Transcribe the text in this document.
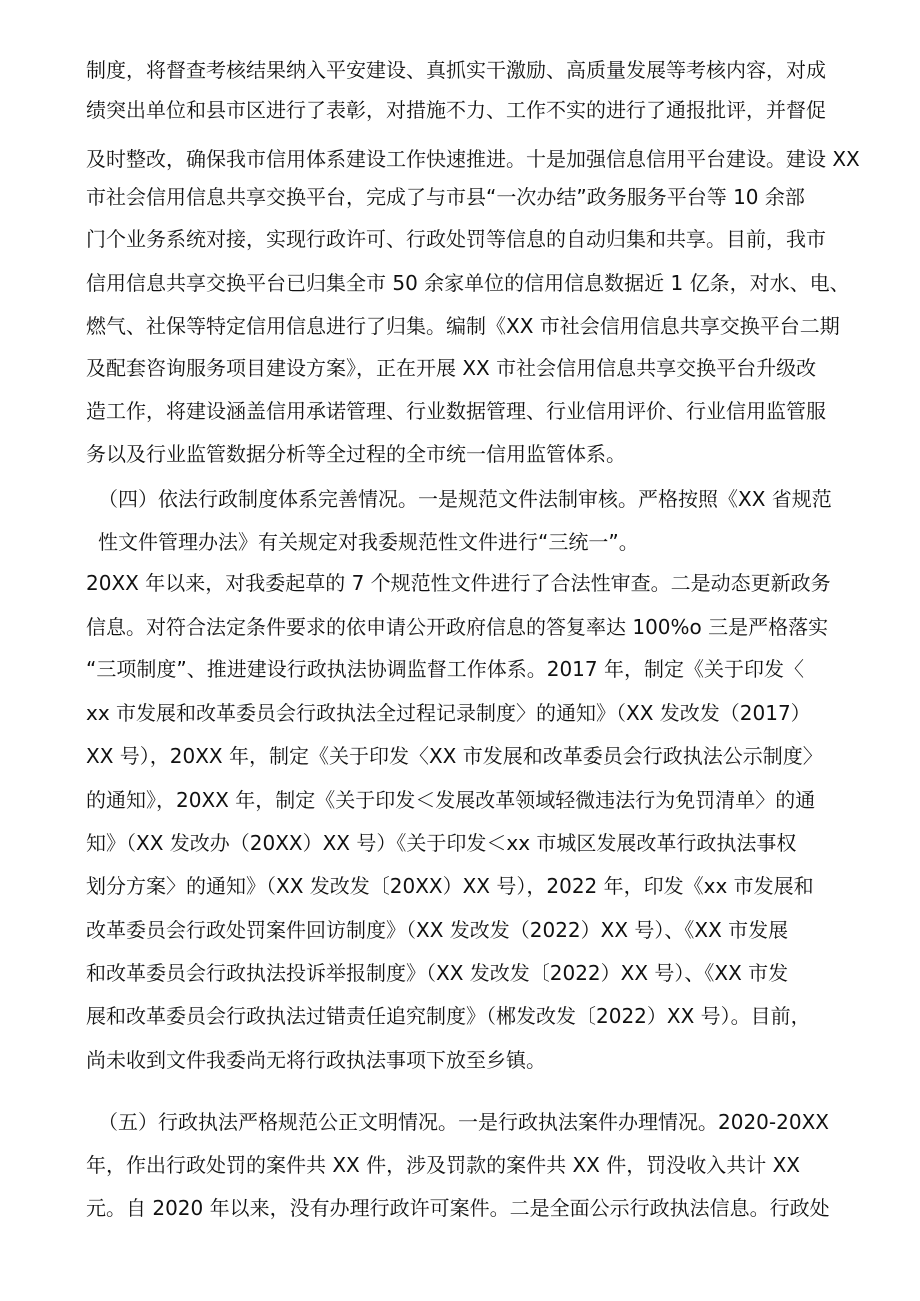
制度，将督查考核结果纳入平安建设、真抓实干激励、高质量发展等考核内容，对成
绩突出单位和县市区进行了表彰，对措施不力、工作不实的进行了通报批评，并督促
及时整改，确保我市信用体系建设工作快速推进。十是加强信息信用平台建设。建设 XX
市社会信用信息共享交换平台，完成了与市县“一次办结”政务服务平台等 10 余部
门个业务系统对接，实现行政许可、行政处罚等信息的自动归集和共享。目前，我市
信用信息共享交换平台已归集全市 50 余家单位的信用信息数据近 1 亿条，对水、电、
燃气、社保等特定信用信息进行了归集。编制《XX 市社会信用信息共享交换平台二期
及配套咨询服务项目建设方案》，正在开展 XX 市社会信用信息共享交换平台升级改
造工作，将建设涵盖信用承诺管理、行业数据管理、行业信用评价、行业信用监管服
务以及行业监管数据分析等全过程的全市统一信用监管体系。
（四）依法行政制度体系完善情况。一是规范文件法制审核。严格按照《XX 省规范
性文件管理办法》有关规定对我委规范性文件进行“三统一”。
20XX 年以来，对我委起草的 7 个规范性文件进行了合法性审查。二是动态更新政务
信息。对符合法定条件要求的依申请公开政府信息的答复率达 100%o 三是严格落实
“三项制度”、推进建设行政执法协调监督工作体系。2017 年，制定《关于印发〈
xx 市发展和改革委员会行政执法全过程记录制度〉的通知》（XX 发改发（2017）
XX 号），20XX 年，制定《关于印发〈XX 市发展和改革委员会行政执法公示制度〉
的通知》，20XX 年，制定《关于印发＜发展改革领域轻微违法行为免罚清单〉的通
知》（XX 发改办（20XX）XX 号）《关于印发＜xx 市城区发展改革行政执法事权
划分方案〉的通知》（XX 发改发〔20XX）XX 号），2022 年，印发《xx 市发展和
改革委员会行政处罚案件回访制度》（XX 发改发（2022）XX 号）、《XX 市发展
和改革委员会行政执法投诉举报制度》（XX 发改发〔2022）XX 号）、《XX 市发
展和改革委员会行政执法过错责任追究制度》（郴发改发〔2022）XX 号）。目前，
尚未收到文件我委尚无将行政执法事项下放至乡镇。
（五）行政执法严格规范公正文明情况。一是行政执法案件办理情况。2020-20XX
年，作出行政处罚的案件共 XX 件，涉及罚款的案件共 XX 件，罚没收入共计 XX
元。自 2020 年以来，没有办理行政许可案件。二是全面公示行政执法信息。行政处
